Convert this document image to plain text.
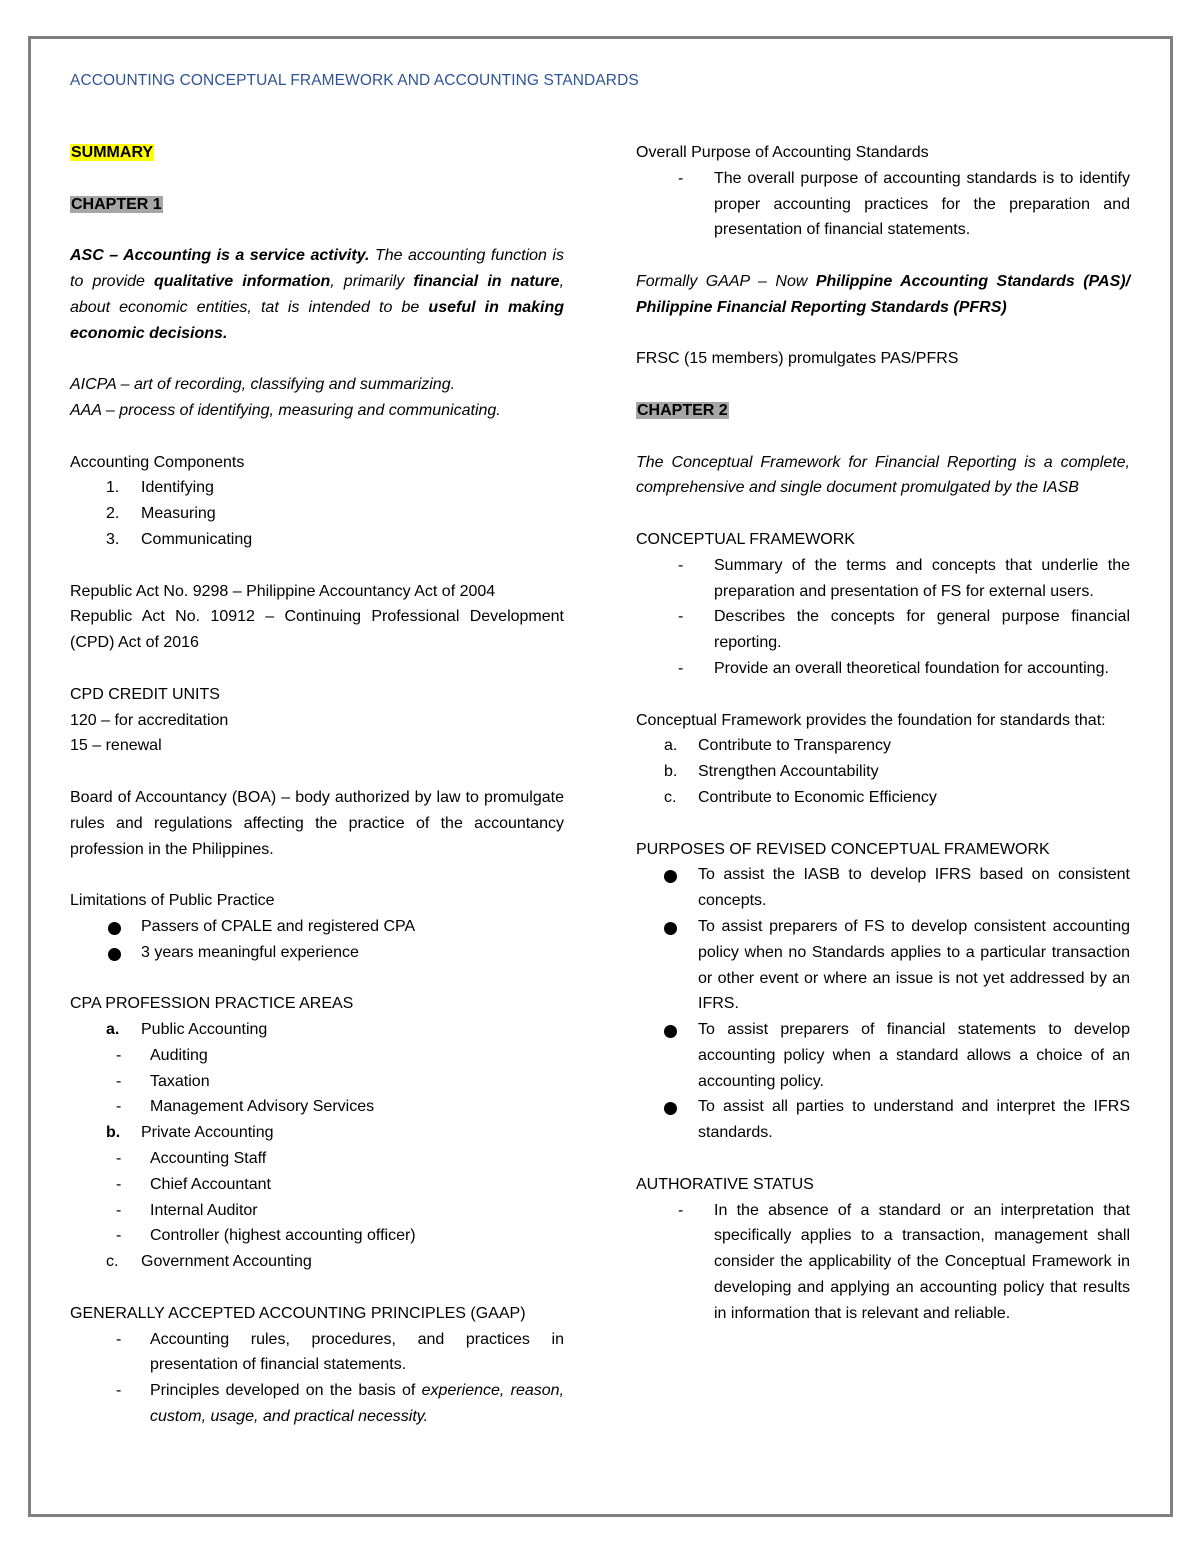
ACCOUNTING CONCEPTUAL FRAMEWORK AND ACCOUNTING STANDARDS

SUMMARY

CHAPTER 1

ASC – Accounting is a service activity. The accounting function is to provide qualitative information, primarily financial in nature, about economic entities, tat is intended to be useful in making economic decisions.

AICPA – art of recording, classifying and summarizing.

AAA – process of identifying, measuring and communicating.

Accounting Components

1. Identifying
2. Measuring
3. Communicating

Republic Act No. 9298 – Philippine Accountancy Act of 2004

Republic Act No. 10912 – Continuing Professional Development (CPD) Act of 2016

CPD CREDIT UNITS

120 – for accreditation

15 – renewal

Board of Accountancy (BOA) – body authorized by law to promulgate rules and regulations affecting the practice of the accountancy profession in the Philippines.

Limitations of Public Practice

Passers of CPALE and registered CPA
3 years meaningful experience

CPA PROFESSION PRACTICE AREAS

a. Public Accounting
- Auditing
- Taxation
- Management Advisory Services
b. Private Accounting
- Accounting Staff
- Chief Accountant
- Internal Auditor
- Controller (highest accounting officer)
c. Government Accounting

GENERALLY ACCEPTED ACCOUNTING PRINCIPLES (GAAP)

- Accounting rules, procedures, and practices in presentation of financial statements.
- Principles developed on the basis of experience, reason, custom, usage, and practical necessity.

Overall Purpose of Accounting Standards

- The overall purpose of accounting standards is to identify proper accounting practices for the preparation and presentation of financial statements.

Formally GAAP – Now Philippine Accounting Standards (PAS)/ Philippine Financial Reporting Standards (PFRS)

FRSC (15 members) promulgates PAS/PFRS

CHAPTER 2

The Conceptual Framework for Financial Reporting is a complete, comprehensive and single document promulgated by the IASB

CONCEPTUAL FRAMEWORK

- Summary of the terms and concepts that underlie the preparation and presentation of FS for external users.
- Describes the concepts for general purpose financial reporting.
- Provide an overall theoretical foundation for accounting.

Conceptual Framework provides the foundation for standards that:

a. Contribute to Transparency
b. Strengthen Accountability
c. Contribute to Economic Efficiency

PURPOSES OF REVISED CONCEPTUAL FRAMEWORK

To assist the IASB to develop IFRS based on consistent concepts.
To assist preparers of FS to develop consistent accounting policy when no Standards applies to a particular transaction or other event or where an issue is not yet addressed by an IFRS.
To assist preparers of financial statements to develop accounting policy when a standard allows a choice of an accounting policy.
To assist all parties to understand and interpret the IFRS standards.

AUTHORATIVE STATUS

- In the absence of a standard or an interpretation that specifically applies to a transaction, management shall consider the applicability of the Conceptual Framework in developing and applying an accounting policy that results in information that is relevant and reliable.
